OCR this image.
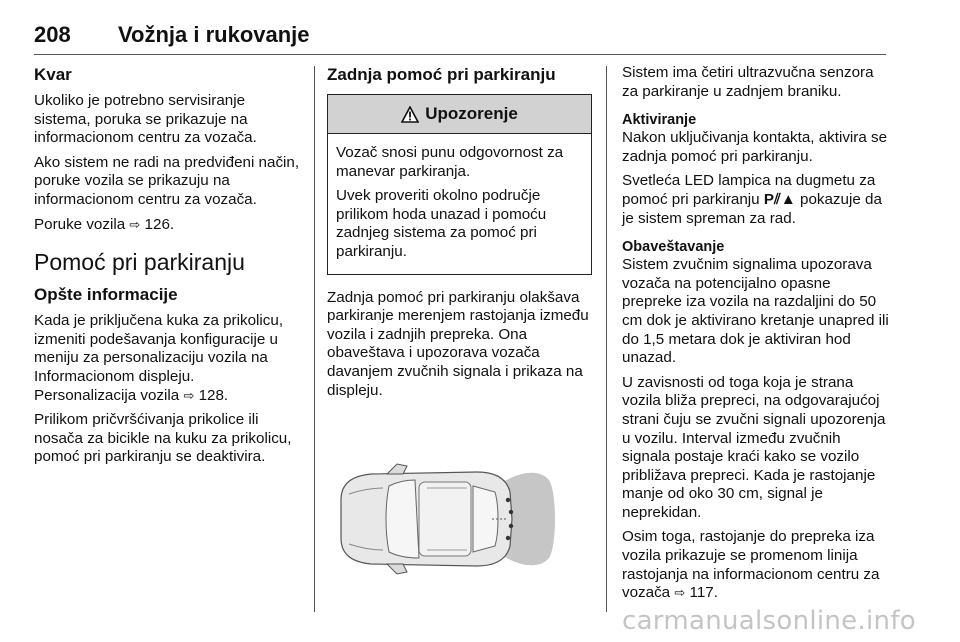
208 Vožnja i rukovanje
Kvar

Ukoliko je potrebno servisiranje sistema, poruka se prikazuje na informacionom centru za vozača.

Ako sistem ne radi na predviđeni način, poruke vozila se prikazuju na informacionom centru za vozača.

Poruke vozila ⇨ 126.

Pomoć pri parkiranju
Opšte informacije

Kada je priključena kuka za prikolicu, izmeniti podešavanja konfiguracije u meniju za personalizaciju vozila na Informacionom displeju.

Personalizacija vozila ⇨ 128.

Prilikom pričvršćivanja prikolice ili nosača za bicikle na kuku za prikolicu, pomoć pri parkiranju se deaktivira.

Zadnja pomoć pri parkiranju
Upozorenje

Vozač snosi punu odgovornost za manevar parkiranja.

Uvek proveriti okolno područje prilikom hoda unazad i pomoću zadnjeg sistema za pomoć pri parkiranju.

Zadnja pomoć pri parkiranju olakšava parkiranje merenjem rastojanja između vozila i zadnjih prepreka. Ona obaveštava i upozorava vozača davanjem zvučnih signala i prikaza na displeju.

Sistem ima četiri ultrazvučna senzora za parkiranje u zadnjem braniku.

Aktiviranje

Nakon uključivanja kontakta, aktivira se zadnja pomoć pri parkiranju.

Svetleća LED lampica na dugmetu za pomoć pri parkiranju P⫽▲ pokazuje da je sistem spreman za rad.

Obaveštavanje

Sistem zvučnim signalima upozorava vozača na potencijalno opasne prepreke iza vozila na razdaljini do 50 cm dok je aktivirano kretanje unapred ili do 1,5 metara dok je aktiviran hod unazad.

U zavisnosti od toga koja je strana vozila bliža prepreci, na odgovarajućoj strani čuju se zvučni signali upozorenja u vozilu. Interval između zvučnih signala postaje kraći kako se vozilo približava prepreci. Kada je rastojanje manje od oko 30 cm, signal je neprekidan.

Osim toga, rastojanje do prepreka iza vozila prikazuje se promenom linija rastojanja na informacionom centru za vozača ⇨ 117.

carmanualsonline.info
